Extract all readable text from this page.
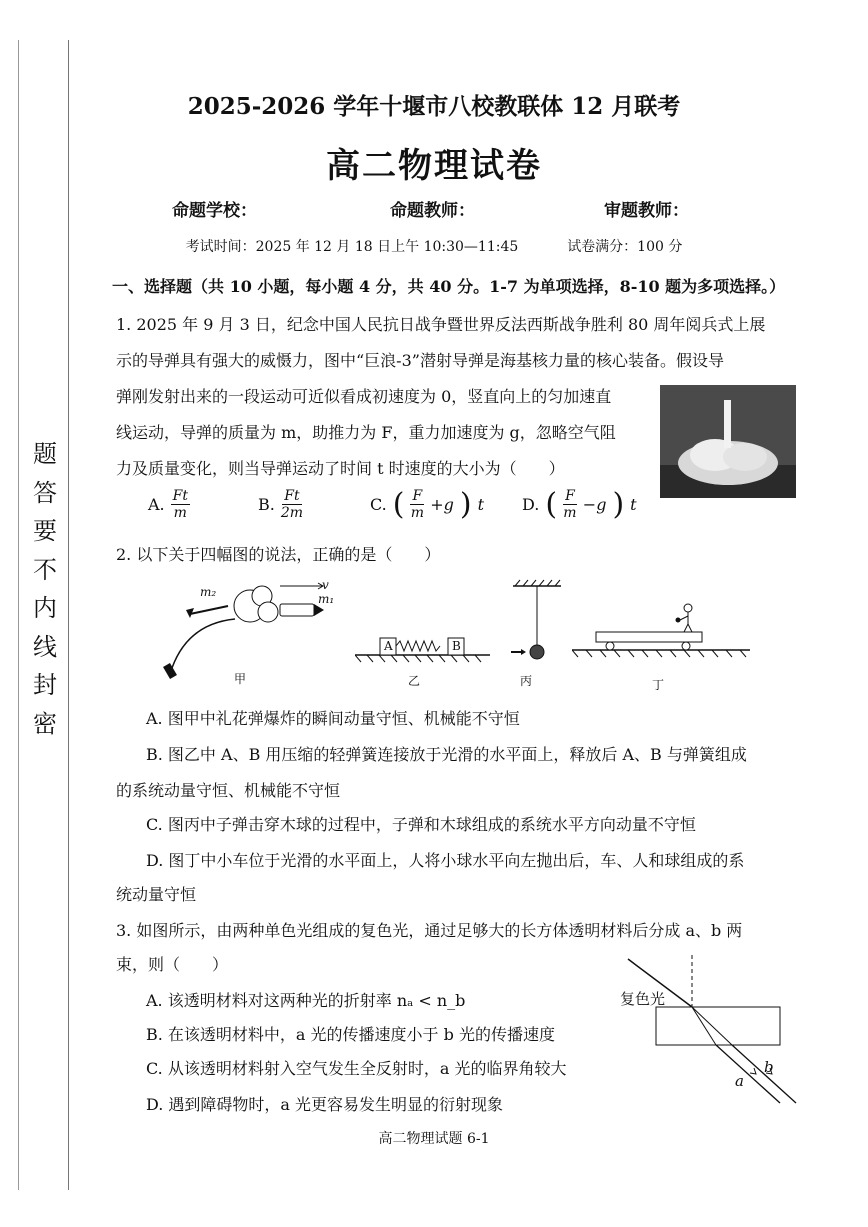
题
答
要
不
内
线
封
密
2025-2026 学年十堰市八校教联体 12 月联考
高二物理试卷
命题学校：	命题教师：	审题教师：
考试时间：2025 年 12 月 18 日上午 10:30—11:45	试卷满分：100 分
一、选择题（共 10 小题，每小题 4 分，共 40 分。1-7 为单项选择，8-10 题为多项选择。）
1. 2025 年 9 月 3 日，纪念中国人民抗日战争暨世界反法西斯战争胜利 80 周年阅兵式上展
示的导弹具有强大的威慑力，图中“巨浪-3”潜射导弹是海基核力量的核心装备。假设导
弹刚发射出来的一段运动可近似看成初速度为 0，竖直向上的匀加速直
线运动，导弹的质量为 m，助推力为 F，重力加速度为 g，忽略空气阻
力及质量变化，则当导弹运动了时间 t 时速度的大小为（　　）
A. $\frac{Ft}{m}$	B. $\frac{Ft}{2m}$	C. ( $\frac{F}{m} +g$ ) t D. ( $\frac{F}{m} -g$ ) t
2. 以下关于四幅图的说法，正确的是（　　）
m₂	m₁
v
甲
A	B
乙	丙	丁
A. 图甲中礼花弹爆炸的瞬间动量守恒、机械能不守恒
B. 图乙中 A、B 用压缩的轻弹簧连接放于光滑的水平面上，释放后 A、B 与弹簧组成
的系统动量守恒、机械能不守恒
C. 图丙中子弹击穿木球的过程中，子弹和木球组成的系统水平方向动量不守恒
D. 图丁中小车位于光滑的水平面上，人将小球水平向左抛出后，车、人和球组成的系
统动量守恒
3. 如图所示，由两种单色光组成的复色光，通过足够大的长方体透明材料后分成 a、b 两
束，则（　　）
A. 该透明材料对这两种光的折射率 nₐ < n_b
B. 在该透明材料中，a 光的传播速度小于 b 光的传播速度
C. 从该透明材料射入空气发生全反射时，a 光的临界角较大
D. 遇到障碍物时，a 光更容易发生明显的衍射现象
复色光
a
b
高二物理试题 6-1
